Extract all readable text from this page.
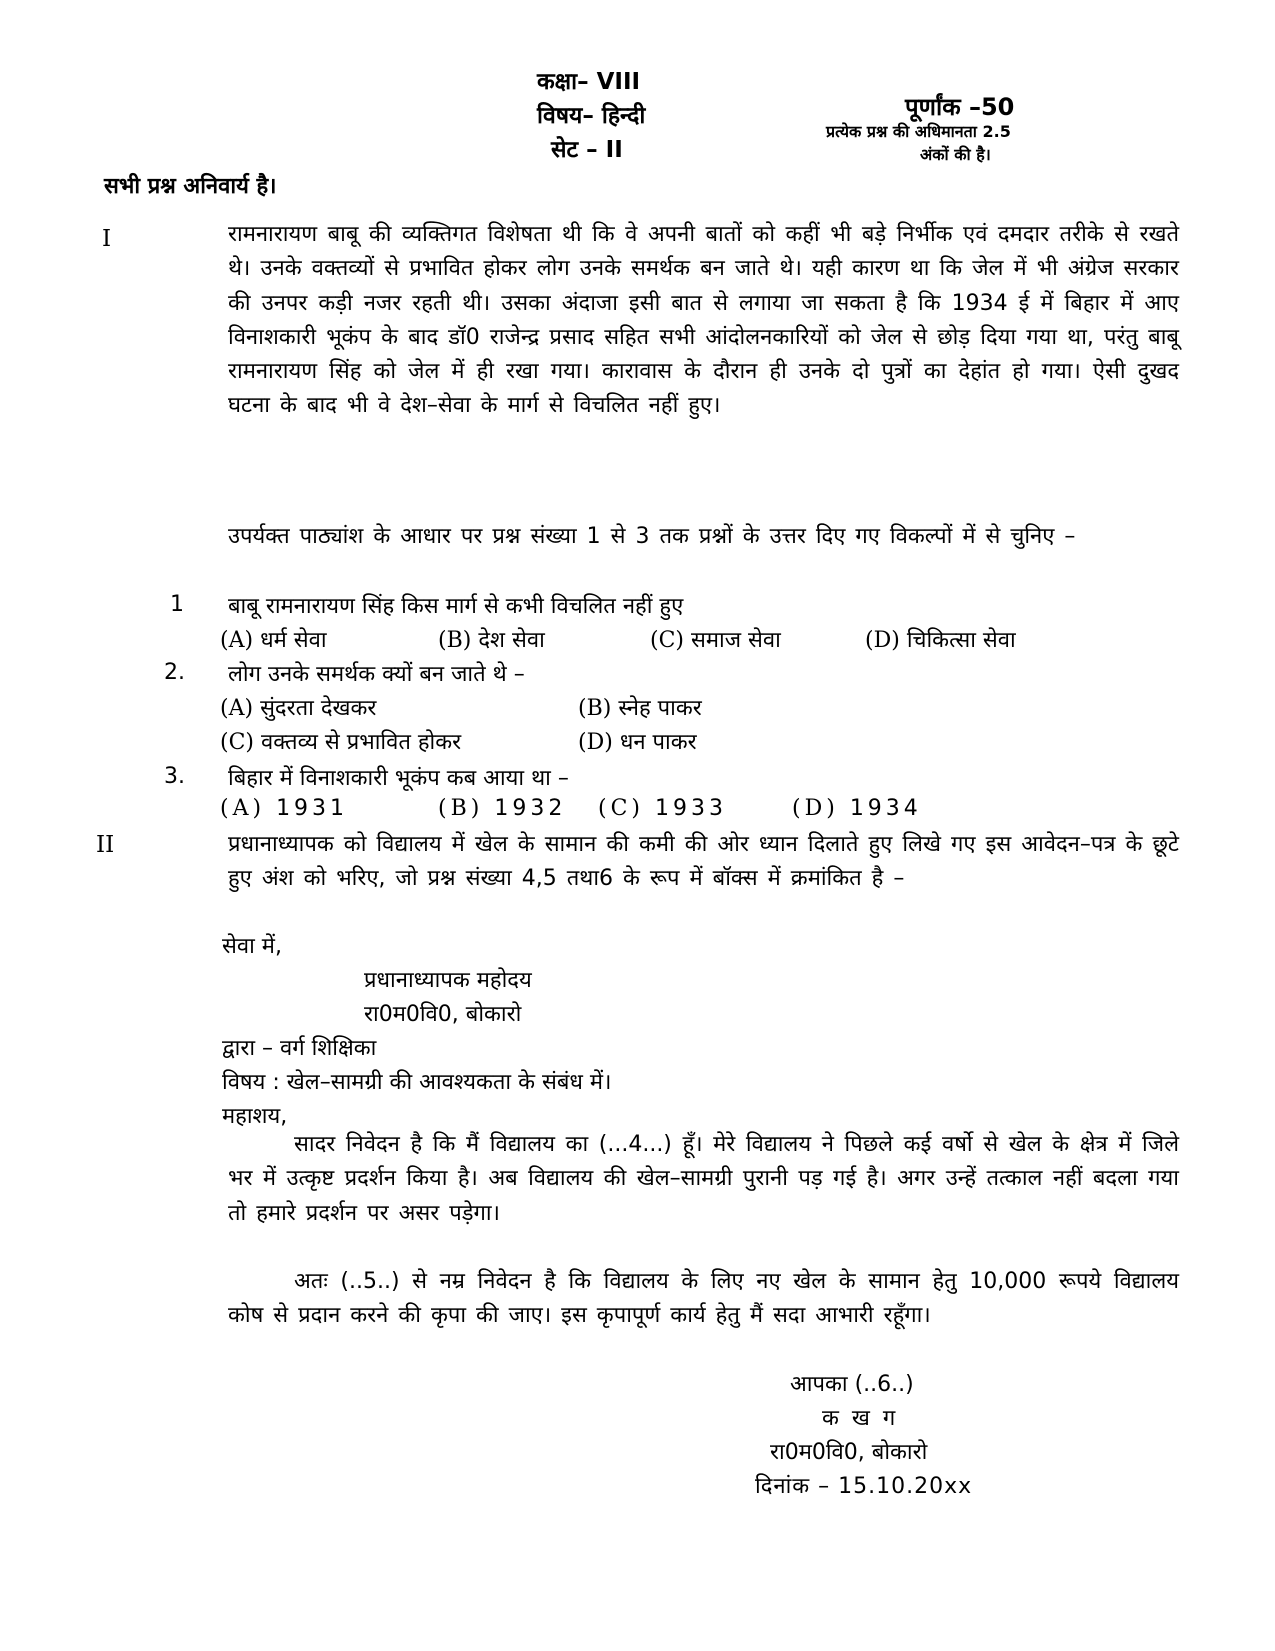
कक्षा– VIII
विषय– हिन्दी
सेट – II
पूर्णांक –50
प्रत्येक प्रश्न की अधिमानता 2.5
अंकों की है।
सभी प्रश्न अनिवार्य है।
I	रामनारायण बाबू की व्यक्तिगत विशेषता थी कि वे अपनी बातों को कहीं भी बड़े निर्भीक एवं दमदार तरीके से रखते थे। उनके वक्तव्यों से प्रभावित होकर लोग उनके समर्थक बन जाते थे। यही कारण था कि जेल में भी अंग्रेज सरकार की उनपर कड़ी नजर रहती थी। उसका अंदाजा इसी बात से लगाया जा सकता है कि 1934 ई में बिहार में आए विनाशकारी भूकंप के बाद डॉ0 राजेन्द्र प्रसाद सहित सभी आंदोलनकारियों को जेल से छोड़ दिया गया था, परंतु बाबू रामनारायण सिंह को जेल में ही रखा गया। कारावास के दौरान ही उनके दो पुत्रों का देहांत हो गया। ऐसी दुखद घटना के बाद भी वे देश–सेवा के मार्ग से विचलित नहीं हुए।
उपर्यक्त पाठ्यांश के आधार पर प्रश्न संख्या 1 से 3 तक प्रश्नों के उत्तर दिए गए विकल्पों में से चुनिए –
1 बाबू रामनारायण सिंह किस मार्ग से कभी विचलित नहीं हुए
(A) धर्म सेवा	(B) देश सेवा	(C) समाज सेवा	(D) चिकित्सा सेवा
2. लोग उनके समर्थक क्यों बन जाते थे –
(A) सुंदरता देखकर	(B) स्नेह पाकर
(C) वक्तव्य से प्रभावित होकर	(D) धन पाकर
3. बिहार में विनाशकारी भूकंप कब आया था –
(A) 1931	(B) 1932 (C) 1933	(D) 1934
II	प्रधानाध्यापक को विद्यालय में खेल के सामान की कमी की ओर ध्यान दिलाते हुए लिखे गए इस आवेदन–पत्र के छूटे हुए अंश को भरिए, जो प्रश्न संख्या 4,5 तथा6 के रूप में बॉक्स में क्रमांकित है –
सेवा में,
प्रधानाध्यापक महोदय
रा0म0वि0, बोकारो
द्वारा – वर्ग शिक्षिका
विषय : खेल–सामग्री की आवश्यकता के संबंध में।
महाशय,
सादर निवेदन है कि मैं विद्यालय का (...4...) हूँ। मेरे विद्यालय ने पिछले कई वर्षो से खेल के क्षेत्र में जिले भर में उत्कृष्ट प्रदर्शन किया है। अब विद्यालय की खेल–सामग्री पुरानी पड़ गई है। अगर उन्हें तत्काल नहीं बदला गया तो हमारे प्रदर्शन पर असर पड़ेगा।
अतः (..5..) से नम्र निवेदन है कि विद्यालय के लिए नए खेल के सामान हेतु 10,000 रूपये विद्यालय कोष से प्रदान करने की कृपा की जाए। इस कृपापूर्ण कार्य हेतु मैं सदा आभारी रहूँगा।
आपका (..6..)
क ख ग
रा0म0वि0, बोकारो
दिनांक – 15.10.20xx
